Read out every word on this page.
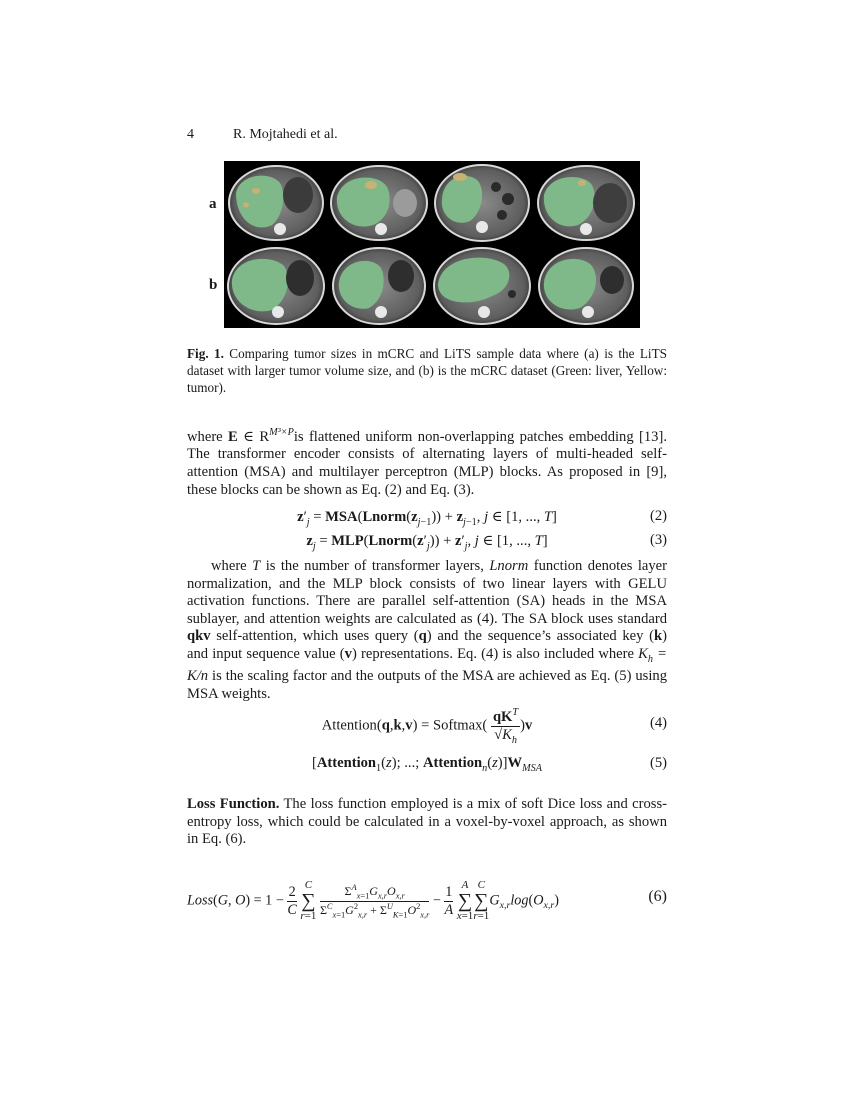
4	R. Mojtahedi et al.
a
b
Fig. 1. Comparing tumor sizes in mCRC and LiTS sample data where (a) is the LiTS dataset with larger tumor volume size, and (b) is the mCRC dataset (Green: liver, Yellow: tumor).
where E ∈ $R^{M^3\times P}is$ flattened uniform non-overlapping patches embedding [13]. The transformer encoder consists of alternating layers of multi-headed self-attention (MSA) and multilayer perceptron (MLP) blocks. As proposed in [9], these blocks can be shown as Eq. (2) and Eq. (3).
$z'_j$ = $MSA(Lnorm(z_{j-1})) + z_{j-1}$, j ∈ [1, ..., T]	(2)
$z_j$ = $MLP(Lnorm(z'_j)) + z'_j$, j ∈ [1, ..., T]	(3)
where T is the number of transformer layers, Lnorm function denotes layer normalization, and the MLP block consists of two linear layers with GELU activation functions. There are parallel self-attention (SA) heads in the MSA sublayer, and attention weights are calculated as (4). The SA block uses standard qkv self-attention, which uses query (q) and the sequence’s associated key (k) and input sequence value (v) representations. Eq. (4) is also included where $K_h = K/n$ is the scaling factor and the outputs of the MSA are achieved as Eq. (5) using MSA weights.
Attention(q,k,v) = Softmax(
$qK^T$
$√K_h$
)v	(4)
[Attention$_1$(z); ...; $Attention_n(z)]W_{MSA}$	(5)
Loss Function. The loss function employed is a mix of soft Dice loss and cross-entropy loss, which could be calculated in a voxel-by-voxel approach, as shown in Eq. (6).
Loss(G, $O) = 1 - \frac{2}{C}$
C
∑
r=1

$\Sigma^A_{x=1}G_{x,r}O_{x,r}$
$\Sigma^C_{x=1}G^2_{x,r} + \Sigma^U_{K=1}O^2_{x,r}$
− $\frac{1}{A}$
A
∑
x=1
C
∑
r=1
$G_{x,r}\log(O_{x,r})$	(6)
